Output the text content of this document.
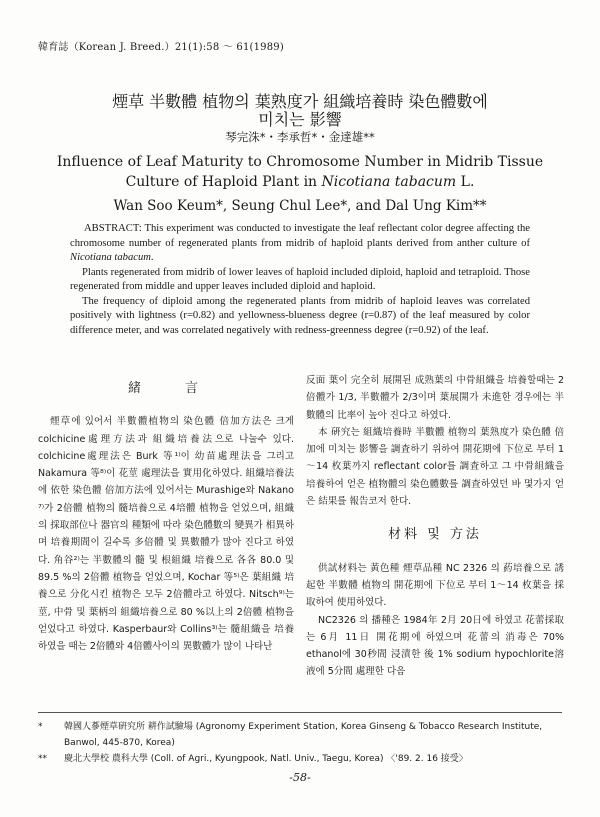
韓育誌（Korean J. Breed.）21(1):58 ～ 61(1989)
煙草 半數體 植物의 葉熟度가 組織培養時 染色體數에
미치는 影響
琴完洙*・李承哲*・金達雄**
Influence of Leaf Maturity to Chromosome Number in Midrib Tissue
Culture of Haploid Plant in Nicotiana tabacum L.
Wan Soo Keum*, Seung Chul Lee*, and Dal Ung Kim**

ABSTRACT: This experiment was conducted to investigate the leaf reflectant color degree affecting the chromosome number of regenerated plants from midrib of haploid plants derived from anther culture of Nicotiana tabacum.

Plants regenerated from midrib of lower leaves of haploid included diploid, haploid and tetraploid. Those regenerated from middle and upper leaves included diploid and haploid.

The frequency of diploid among the regenerated plants from midrib of haploid leaves was correlated positively with lightness (r=0.82) and yellowness-blueness degree (r=0.87) of the leaf measured by color difference meter, and was correlated negatively with redness-greenness degree (r=0.92) of the leaf.

緒　　言

煙草에 있어서 半數體植物의 染色體 倍加方法은 크게 colchicine處理方法과 組織培養法으로 나눌수 있다. colchicine處理法은 Burk 等¹⁾이 幼苗處理法을 그리고 Nakamura 等⁸⁾이 花莖 處理法을 實用化하였다. 組織培養法에 依한 染色體 倍加方法에 있어서는 Murashige와 Nakano ⁷⁾가 2倍體 植物의 髓培養으로 4培體 植物을 얻었으며, 組織의 採取部位나 器官의 種類에 따라 染色體數의 變異가 相異하며 培養期間이 길수록 多倍體 및 異數體가 많아 진다고 하였다. 角谷²⁾는 半數體의 髓 및 根組織 培養으로 各各 80.0 및 89.5 %의 2倍體 植物을 얻었으며, Kochar 等⁵⁾은 葉組織 培養으로 分化시킨 植物은 모두 2倍體라고 하였다. Nitsch⁹⁾는 莖, 中骨 및 葉柄의 組織培養으로 80 %以上의 2倍體 植物을 얻었다고 하였다. Kasperbaur와 Collins³⁾는 髓組織을 培養하였을 때는 2倍體와 4倍體사이의 異數體가 많이 나타난

反面 葉이 完全히 展開된 成熟葉의 中骨組織을 培養할때는 2倍體가 1/3, 半數體가 2/3이며 葉展開가 未進한 경우에는 半數體의 比率이 높아 진다고 하였다.

本 硏究는 組織培養時 半數體 植物의 葉熟度가 染色體 倍加에 미치는 影響을 調査하기 위하여 開花期에 下位로 부터 1～14 枚葉까지 reflectant color를 調査하고 그 中骨組織을 培養하여 얻은 植物體의 染色體數를 調査하였던 바 몇가지 얻은 結果를 報告코저 한다.

材料 및 方法

供試材料는 黃色種 煙草品種 NC 2326 의 葯培養으로 誘起한 半數體 植物의 開花期에 下位로 부터 1～14 枚葉을 採取하여 使用하였다.

NC2326 의 播種은 1984年 2月 20日에 하였고 花蕾採取는 6月 11日 開花期에 하였으며 花蕾의 消毒은 70% ethanol에 30秒間 浸漬한 後 1% sodium hypochlorite溶液에 5分間 處理한 다음

* 韓國人蔘煙草硏究所 耕作試驗場 (Agronomy Experiment Station, Korea Ginseng & Tobacco Research Institute, Banwol, 445-870, Korea)
** 慶北大學校 農科大學 (Coll. of Agri., Kyungpook, Natl. Univ., Taegu, Korea) 〈'89. 2. 16 接受〉
-58-
